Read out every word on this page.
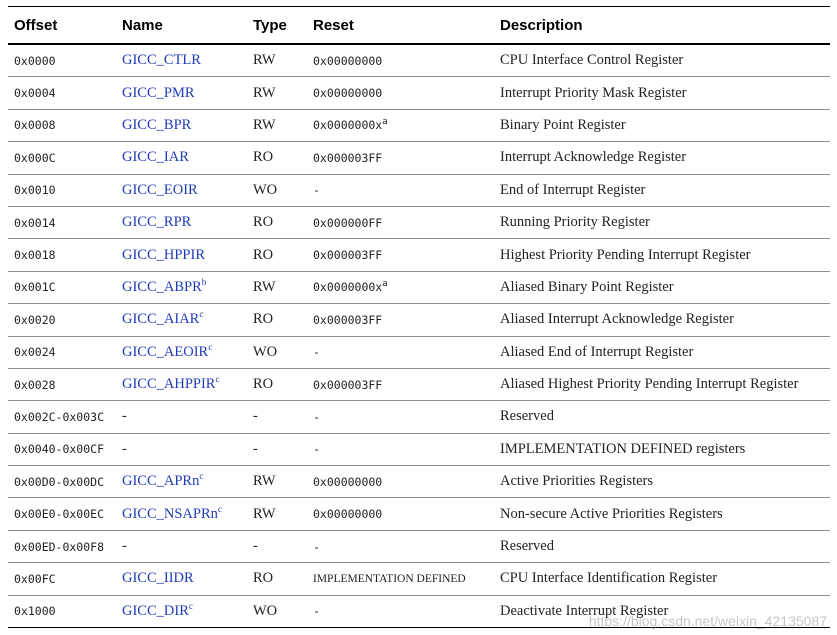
Offset	Name	Type	Reset	Description
0x0000	GICC_CTLR	RW	0x00000000	CPU Interface Control Register
0x0004	GICC_PMR	RW	0x00000000	Interrupt Priority Mask Register
0x0008	GICC_BPR	RW	$0x0000000x^a$	Binary Point Register
0x000C	GICC_IAR	RO	0x000003FF	Interrupt Acknowledge Register
0x0010	GICC_EOIR	WO	-	End of Interrupt Register
0x0014	GICC_RPR	RO	0x000000FF	Running Priority Register
0x0018	GICC_HPPIR	RO	0x000003FF	Highest Priority Pending Interrupt Register
0x001C	GICC_ABPR$^b$	RW	$0x0000000x^a$	Aliased Binary Point Register
0x0020	GICC_AIAR$^c$	RO	0x000003FF	Aliased Interrupt Acknowledge Register
0x0024	GICC_AEOIR$^c$	WO	-	Aliased End of Interrupt Register
0x0028	GICC_AHPPIR$^c$	RO	0x000003FF	Aliased Highest Priority Pending Interrupt Register
0x002C-0x003C	-	-	-	Reserved
0x0040-0x00CF	-	-	-	IMPLEMENTATION DEFINED registers
0x00D0-0x00DC	GICC_APRn$^c$	RW	0x00000000	Active Priorities Registers
0x00E0-0x00EC	GICC_NSAPRn$^c$	RW	0x00000000	Non-secure Active Priorities Registers
0x00ED-0x00F8	-	-	-	Reserved
0x00FC	GICC_IIDR	RO	IMPLEMENTATION DEFINED	CPU Interface Identification Register
0x1000	GICC_DIR$^c$	WO	-	Deactivate Interrupt Register
https://blog.csdn.net/weixin_42135087
